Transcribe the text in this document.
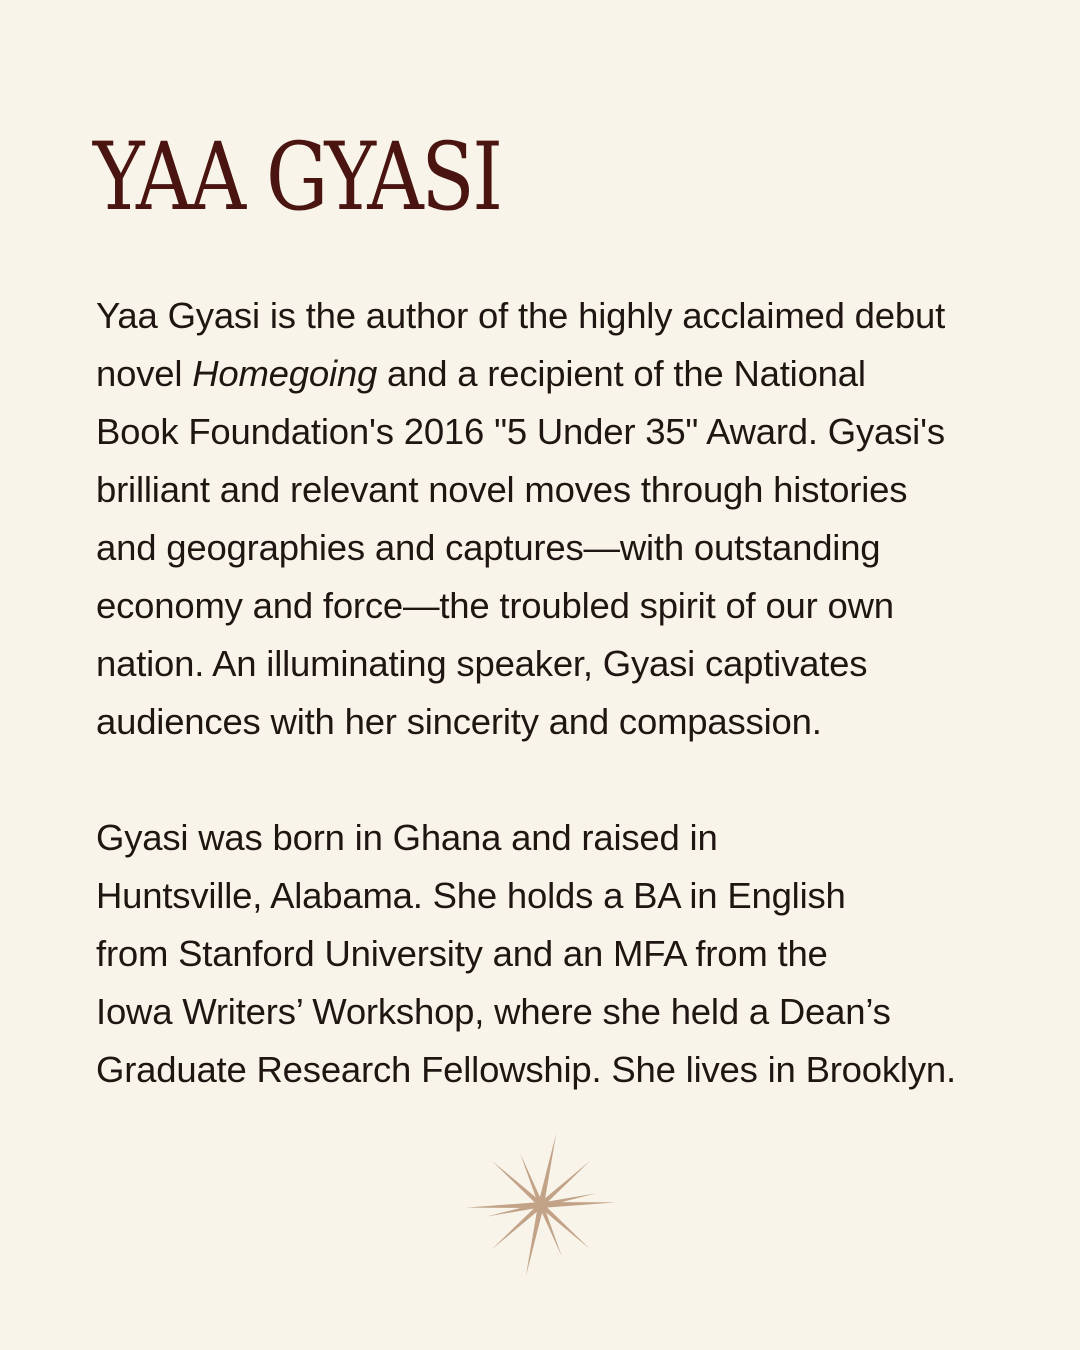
YAA GYASI

Yaa Gyasi is the author of the highly acclaimed debut
novel Homegoing and a recipient of the National
Book Foundation's 2016 "5 Under 35" Award. Gyasi's
brilliant and relevant novel moves through histories
and geographies and captures—with outstanding
economy and force—the troubled spirit of our own
nation. An illuminating speaker, Gyasi captivates
audiences with her sincerity and compassion.

Gyasi was born in Ghana and raised in
Huntsville, Alabama. She holds a BA in English
from Stanford University and an MFA from the
Iowa Writers’ Workshop, where she held a Dean’s
Graduate Research Fellowship. She lives in Brooklyn.
